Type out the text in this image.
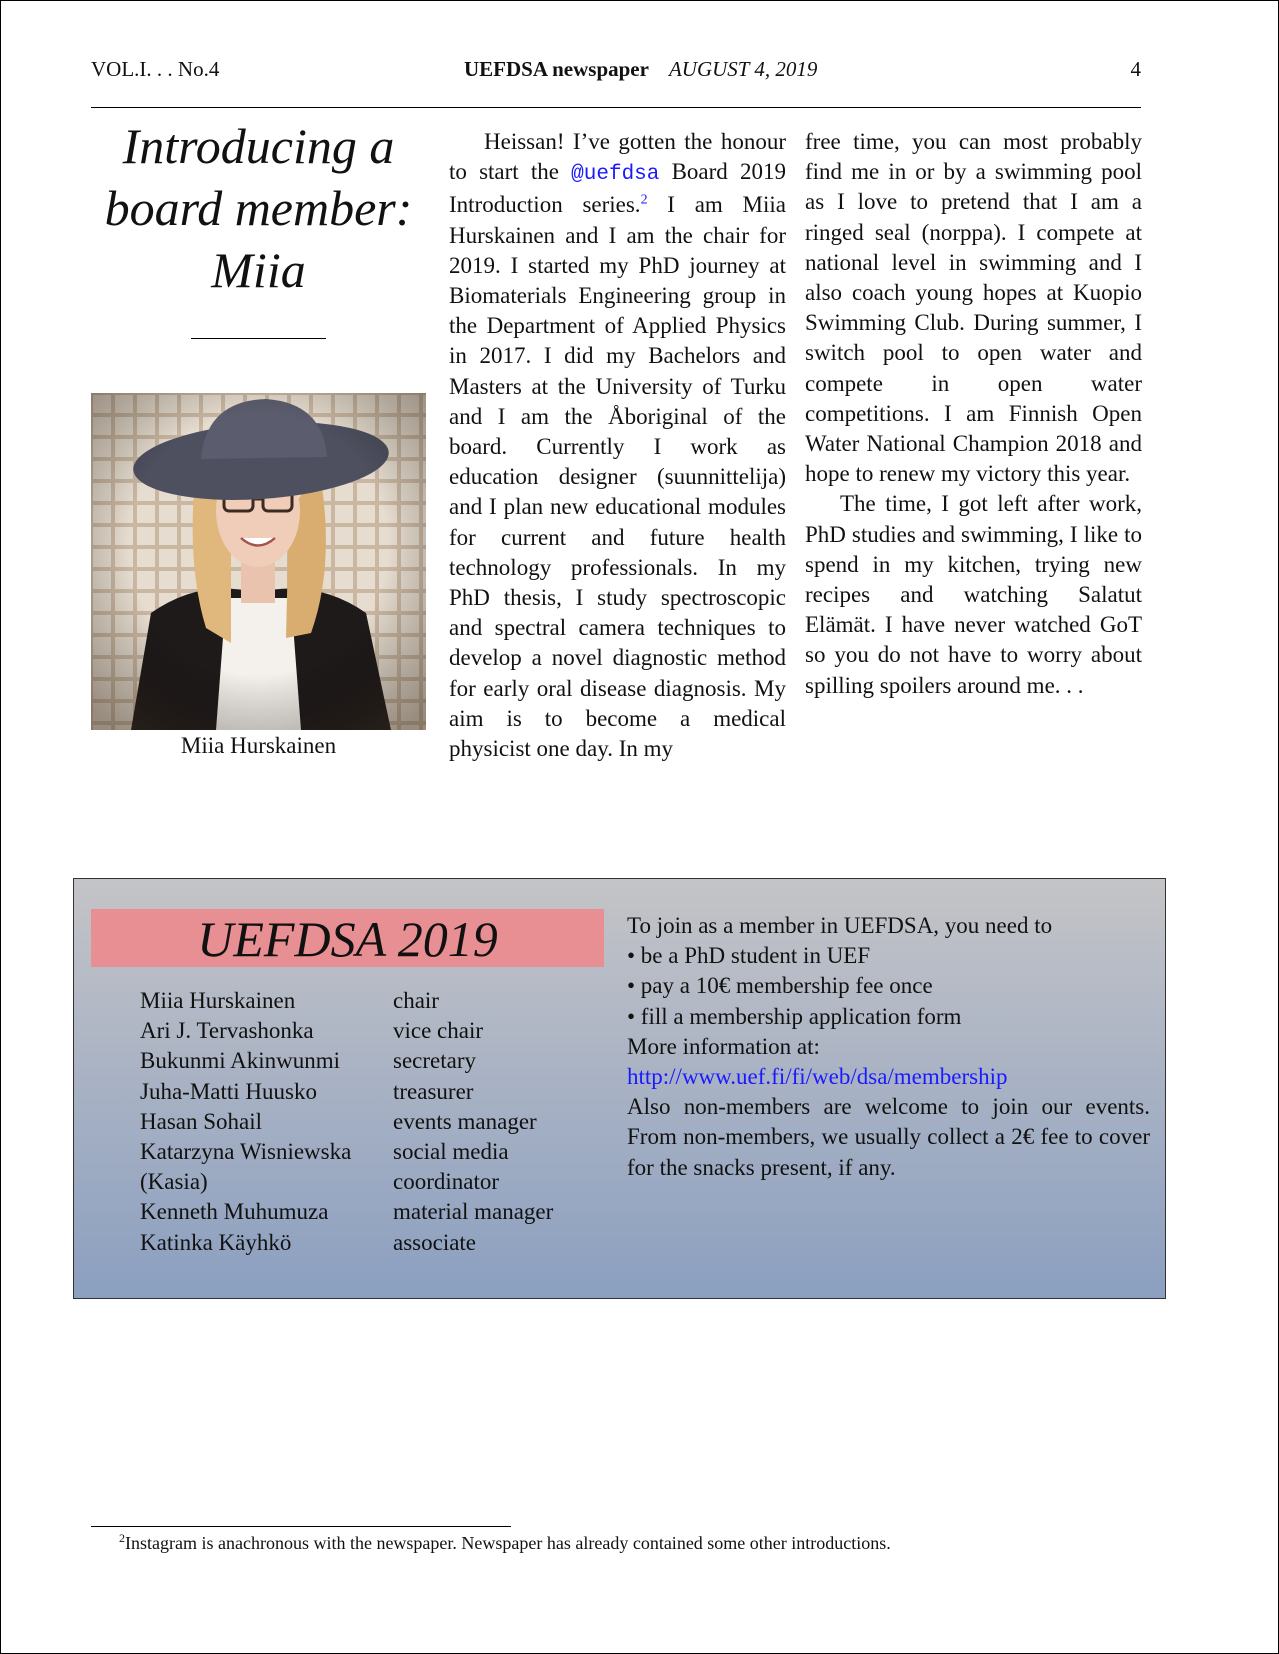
VOL.I. . . No.4	UEFDSA newspaper AUGUST 4, 2019	4
Introducing a
board member:
Miia
Miia Hurskainen

Heissan! I’ve gotten the honour to start the @uefdsa Board 2019 Introduction series.$^2$ I am Miia Hurskainen and I am the chair for 2019. I started my PhD journey at Biomaterials Engineering group in the Department of Applied Physics in 2017. I did my Bachelors and Masters at the University of Turku and I am the Åboriginal of the board. Currently I work as education designer (suunnittelija) and I plan new educational modules for current and future health technology professionals. In my PhD thesis, I study spectroscopic and spectral camera techniques to develop a novel diagnostic method for early oral disease diagnosis. My aim is to become a medical physicist one day. In my

free time, you can most probably find me in or by a swimming pool as I love to pretend that I am a ringed seal (norppa). I compete at national level in swimming and I also coach young hopes at Kuopio Swimming Club. During summer, I switch pool to open water and compete in open water competitions. I am Finnish Open Water National Champion 2018 and hope to renew my victory this year.

The time, I got left after work, PhD studies and swimming, I like to spend in my kitchen, trying new recipes and watching Salatut Elämät. I have never watched GoT so you do not have to worry about spilling spoilers around me. . .

UEFDSA 2019
Miia Hurskainen	chair
Ari J. Tervashonka	vice chair
Bukunmi Akinwunmi	secretary
Juha-Matti Huusko	treasurer
Hasan Sohail	events manager
Katarzyna Wisniewska	social media
(Kasia)	coordinator
Kenneth Muhumuza	material manager
Katinka Käyhkö	associate
To join as a member in UEFDSA, you need to
• be a PhD student in UEF
• pay a 10€ membership fee once
• fill a membership application form
More information at:
http://www.uef.fi/fi/web/dsa/membership

Also non-members are welcome to join our events. From non-members, we usually collect a 2€ fee to cover for the snacks present, if any.

$^2$Instagram is anachronous with the newspaper. Newspaper has already contained some other introductions.
